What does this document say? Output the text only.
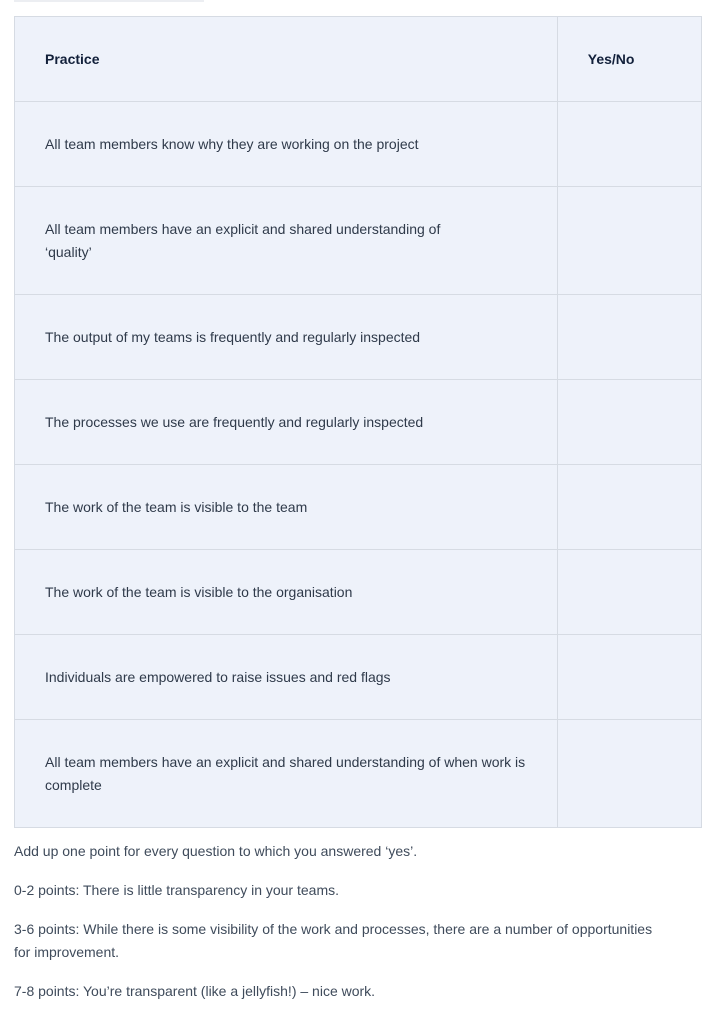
Practice	Yes/No
All team members know why they are working on the project	
All team members have an explicit and shared understanding of ‘quality’	
The output of my teams is frequently and regularly inspected	
The processes we use are frequently and regularly inspected	
The work of the team is visible to the team	
The work of the team is visible to the organisation	
Individuals are empowered to raise issues and red flags	
All team members have an explicit and shared understanding of when work is complete	

Add up one point for every question to which you answered ‘yes’.

0-2 points: There is little transparency in your teams.

3-6 points: While there is some visibility of the work and processes, there are a number of opportunities for improvement.

7-8 points: You’re transparent (like a jellyfish!) – nice work.
